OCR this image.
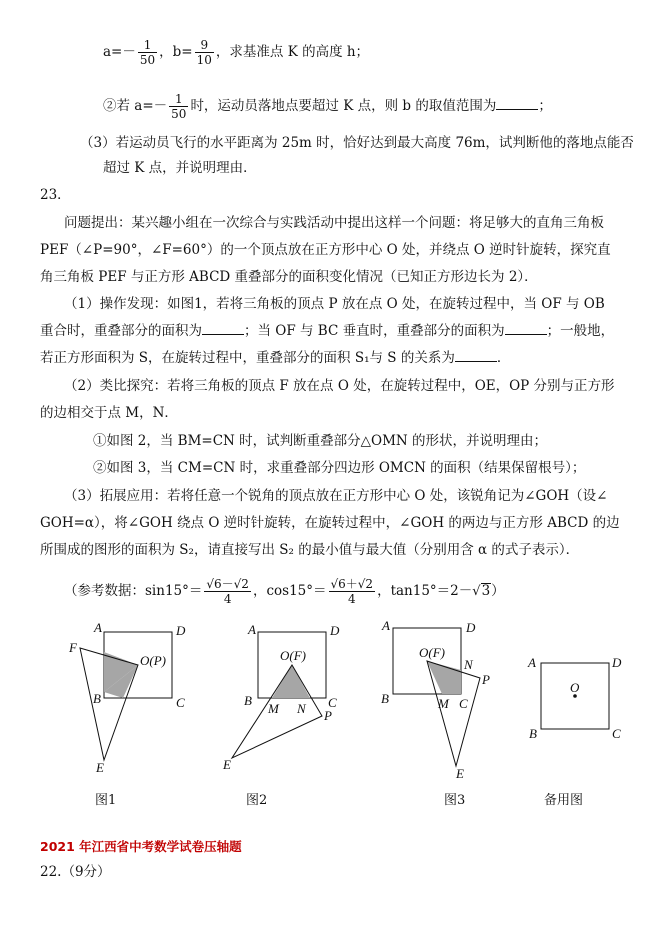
$a=- \frac{1}{50}$ ，$b= \frac{9}{10}$ ，求基准点 K 的高度 h；
②若 $a=- \frac{1}{50}$ 时，运动员落地点要超过 K 点，则 b 的取值范围为	；
（3）若运动员飞行的水平距离为 25m 时，恰好达到最大高度 76m，试判断他的落地点能否
超过 K 点，并说明理由．
23．
问题提出：某兴趣小组在一次综合与实践活动中提出这样一个问题：将足够大的直角三角板
PEF（∠P=90°，∠F=60°）的一个顶点放在正方形中心 O 处，并绕点 O 逆时针旋转，探究直
角三角板 PEF 与正方形 ABCD 重叠部分的面积变化情况（已知正方形边长为 2）．
（1）操作发现：如图1，若将三角板的顶点 P 放在点 O 处，在旋转过程中，当 OF 与 OB
重合时，重叠部分的面积为	；当 OF 与 BC 垂直时，重叠部分的面积为	；一般地，
若正方形面积为 S，在旋转过程中，重叠部分的面积 S₁与 S 的关系为	．
（2）类比探究：若将三角板的顶点 F 放在点 O 处，在旋转过程中，OE，OP 分别与正方形
的边相交于点 M，N．
①如图 2，当 BM=CN 时，试判断重叠部分△OMN 的形状，并说明理由；
②如图 3，当 CM=CN 时，求重叠部分四边形 OMCN 的面积（结果保留根号）；
（3）拓展应用：若将任意一个锐角的顶点放在正方形中心 O 处，该锐角记为∠GOH（设∠
GOH=α），将∠GOH 绕点 O 逆时针旋转，在旋转过程中，∠GOH 的两边与正方形 ABCD 的边
所围成的图形的面积为 S₂，请直接写出 S₂ 的最小值与最大值（分别用含 α 的式子表示）．
（参考数据：$\sin 15^\circ= \frac{√6-√2}{4}$ ，$\cos 15^\circ= \frac{√6+√2}{4}$ ，tan15°＝2－√3）
A	D
B	C
F
E
O(P)
A	D
B	C
M N P
E
O(F)
A	D
B	C
M
N
P
E
O(F)
A	D
B	C
O
图1	图2	图3	备用图
2021 年江西省中考数学试卷压轴题
22.（9分）
